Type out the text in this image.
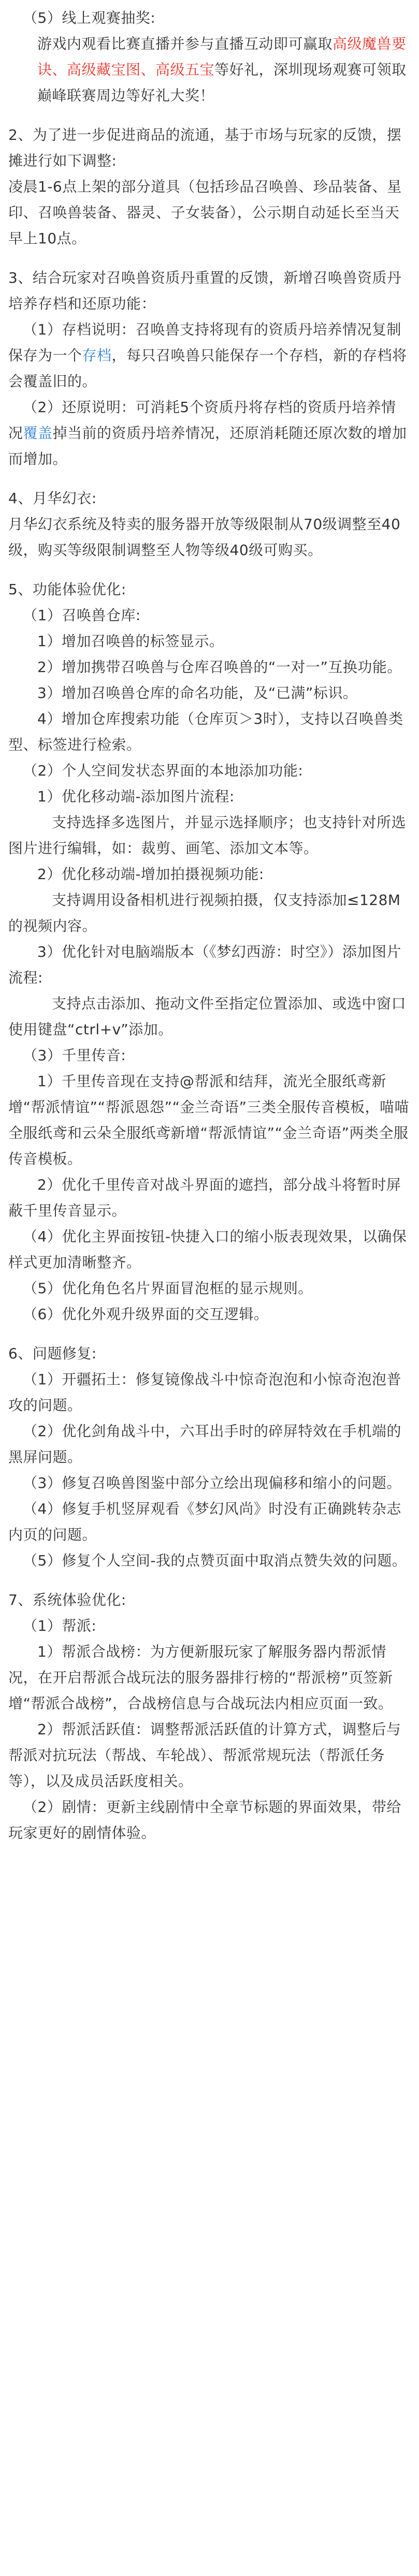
（5）线上观赛抽奖:

游戏内观看比赛直播并参与直播互动即可赢取高级魔兽要诀、高级藏宝图、高级五宝等好礼，深圳现场观赛可领取巅峰联赛周边等好礼大奖！

2、为了进一步促进商品的流通，基于市场与玩家的反馈，摆摊进行如下调整:

凌晨1-6点上架的部分道具（包括珍品召唤兽、珍品装备、星印、召唤兽装备、器灵、子女装备），公示期自动延长至当天早上10点。

3、结合玩家对召唤兽资质丹重置的反馈，新增召唤兽资质丹培养存档和还原功能：

（1）存档说明：召唤兽支持将现有的资质丹培养情况复制保存为一个存档，每只召唤兽只能保存一个存档，新的存档将会覆盖旧的。

（2）还原说明：可消耗5个资质丹将存档的资质丹培养情况覆盖掉当前的资质丹培养情况，还原消耗随还原次数的增加而增加。

4、月华幻衣:

月华幻衣系统及特卖的服务器开放等级限制从70级调整至40级，购买等级限制调整至人物等级40级可购买。

5、功能体验优化:

（1）召唤兽仓库:

1）增加召唤兽的标签显示。

2）增加携带召唤兽与仓库召唤兽的“一对一”互换功能。

3）增加召唤兽仓库的命名功能，及“已满”标识。

4）增加仓库搜索功能（仓库页＞3时），支持以召唤兽类型、标签进行检索。

（2）个人空间发状态界面的本地添加功能:

1）优化移动端-添加图片流程:

支持选择多选图片，并显示选择顺序；也支持针对所选图片进行编辑，如：裁剪、画笔、添加文本等。

2）优化移动端-增加拍摄视频功能:

支持调用设备相机进行视频拍摄，仅支持添加≤128M的视频内容。

3）优化针对电脑端版本（《梦幻西游：时空》）添加图片流程:

支持点击添加、拖动文件至指定位置添加、或选中窗口使用键盘“ctrl+v”添加。

（3）千里传音:

1）千里传音现在支持@帮派和结拜，流光全服纸鸢新增“帮派情谊”“帮派恩怨”“金兰奇语”三类全服传音模板，喵喵全服纸鸢和云朵全服纸鸢新增“帮派情谊”“金兰奇语”两类全服传音模板。

2）优化千里传音对战斗界面的遮挡，部分战斗将暂时屏蔽千里传音显示。

（4）优化主界面按钮-快捷入口的缩小版表现效果，以确保样式更加清晰整齐。

（5）优化角色名片界面冒泡框的显示规则。

（6）优化外观升级界面的交互逻辑。

6、问题修复:

（1）开疆拓土：修复镜像战斗中惊奇泡泡和小惊奇泡泡普攻的问题。

（2）优化剑角战斗中，六耳出手时的碎屏特效在手机端的黑屏问题。

（3）修复召唤兽图鉴中部分立绘出现偏移和缩小的问题。

（4）修复手机竖屏观看《梦幻风尚》时没有正确跳转杂志内页的问题。

（5）修复个人空间-我的点赞页面中取消点赞失效的问题。

7、系统体验优化:

（1）帮派:

1）帮派合战榜：为方便新服玩家了解服务器内帮派情况，在开启帮派合战玩法的服务器排行榜的“帮派榜”页签新增“帮派合战榜”，合战榜信息与合战玩法内相应页面一致。

2）帮派活跃值：调整帮派活跃值的计算方式，调整后与帮派对抗玩法（帮战、车轮战）、帮派常规玩法（帮派任务等），以及成员活跃度相关。

（2）剧情：更新主线剧情中全章节标题的界面效果，带给玩家更好的剧情体验。
